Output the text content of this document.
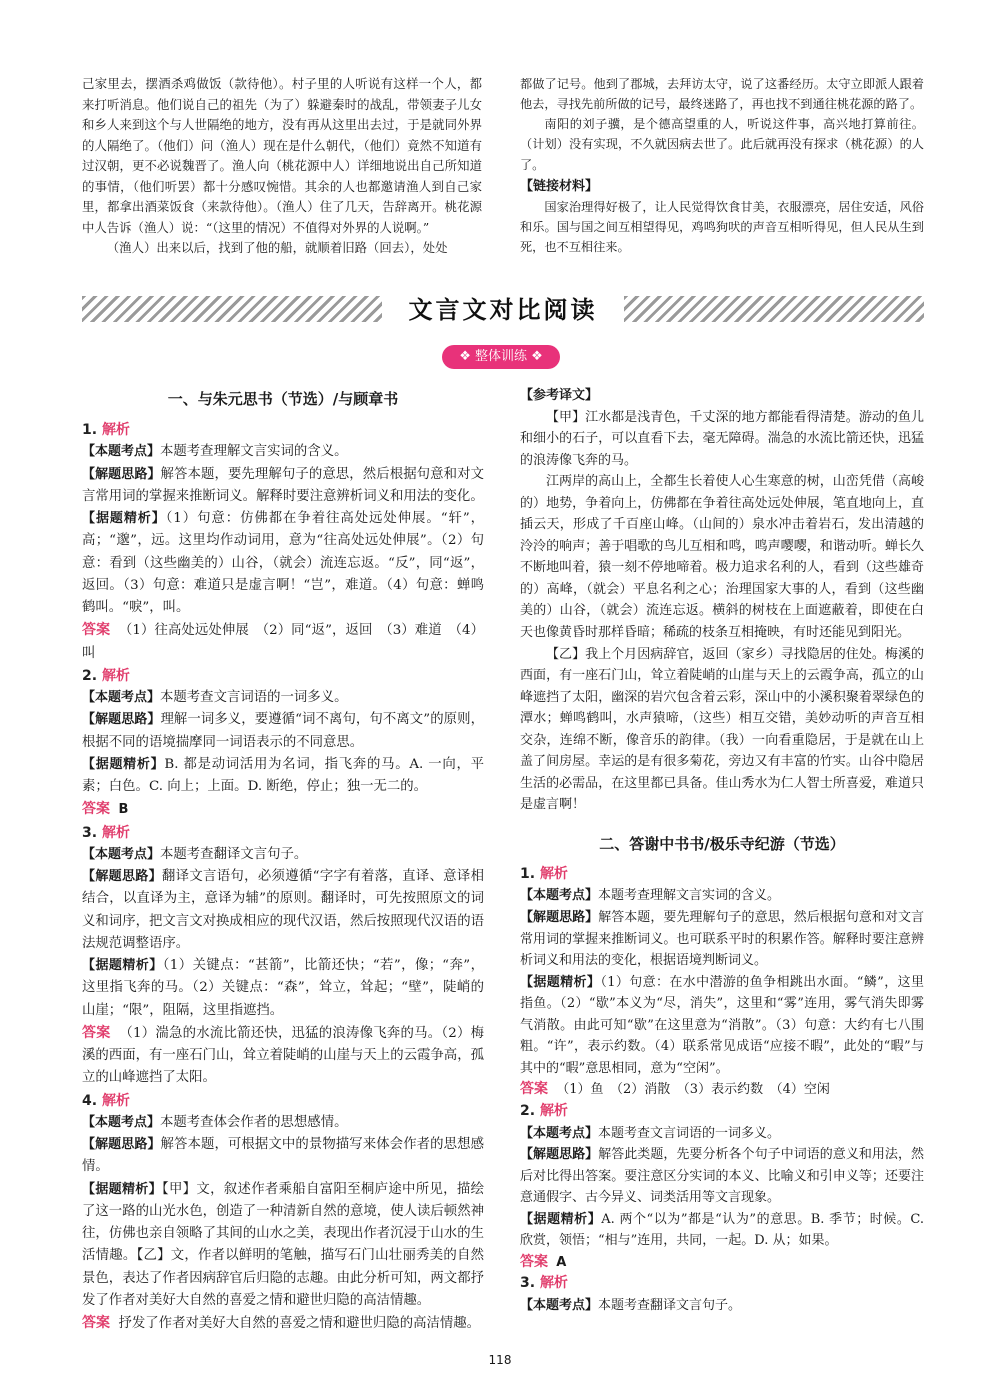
己家里去，摆酒杀鸡做饭（款待他）。村子里的人听说有这样一个人，都来打听消息。他们说自己的祖先（为了）躲避秦时的战乱，带领妻子儿女和乡人来到这个与人世隔绝的地方，没有再从这里出去过，于是就同外界的人隔绝了。（他们）问（渔人）现在是什么朝代，（他们）竟然不知道有过汉朝，更不必说魏晋了。渔人向（桃花源中人）详细地说出自己所知道的事情，（他们听罢）都十分感叹惋惜。其余的人也都邀请渔人到自己家里，都拿出酒菜饭食（来款待他）。（渔人）住了几天，告辞离开。桃花源中人告诉（渔人）说：“（这里的情况）不值得对外界的人说啊。”

（渔人）出来以后，找到了他的船，就顺着旧路（回去），处处

都做了记号。他到了郡城，去拜访太守，说了这番经历。太守立即派人跟着他去，寻找先前所做的记号，最终迷路了，再也找不到通往桃花源的路了。

南阳的刘子骥，是个德高望重的人，听说这件事，高兴地打算前往。（计划）没有实现，不久就因病去世了。此后就再没有探求（桃花源）的人了。

【链接材料】

国家治理得好极了，让人民觉得饮食甘美，衣服漂亮，居住安适，风俗和乐。国与国之间互相望得见，鸡鸣狗吠的声音互相听得见，但人民从生到死，也不互相往来。

文言文对比阅读
❖ 整体训练 ❖
一、与朱元思书（节选）/与顾章书

1. 解析

【本题考点】本题考查理解文言实词的含义。

【解题思路】解答本题，要先理解句子的意思，然后根据句意和对文言常用词的掌握来推断词义。解释时要注意辨析词义和用法的变化。

【据题精析】（1）句意：仿佛都在争着往高处远处伸展。“轩”，高；“邈”，远。这里均作动词用，意为“往高处远处伸展”。（2）句意：看到（这些幽美的）山谷，（就会）流连忘返。“反”，同“返”，返回。（3）句意：难道只是虚言啊！“岂”，难道。（4）句意：蝉鸣鹤叫。“唳”，叫。

答案 （1）往高处远处伸展　（2）同“返”，返回　（3）难道　（4）叫

2. 解析

【本题考点】本题考查文言词语的一词多义。

【解题思路】理解一词多义，要遵循“词不离句，句不离文”的原则，根据不同的语境揣摩同一词语表示的不同意思。

【据题精析】B. 都是动词活用为名词，指飞奔的马。A. 一向，平素；白色。C. 向上；上面。D. 断绝，停止；独一无二的。

答案 B

3. 解析

【本题考点】本题考查翻译文言句子。

【解题思路】翻译文言语句，必须遵循“字字有着落，直译、意译相结合，以直译为主，意译为辅”的原则。翻译时，可先按照原文的词义和词序，把文言文对换成相应的现代汉语，然后按照现代汉语的语法规范调整语序。

【据题精析】（1）关键点：“甚箭”，比箭还快；“若”，像；“奔”，这里指飞奔的马。（2）关键点：“森”，耸立，耸起；“壁”，陡峭的山崖；“限”，阻隔，这里指遮挡。

答案 （1）湍急的水流比箭还快，迅猛的浪涛像飞奔的马。（2）梅溪的西面，有一座石门山，耸立着陡峭的山崖与天上的云霞争高，孤立的山峰遮挡了太阳。

4. 解析

【本题考点】本题考查体会作者的思想感情。

【解题思路】解答本题，可根据文中的景物描写来体会作者的思想感情。

【据题精析】【甲】文，叙述作者乘船自富阳至桐庐途中所见，描绘了这一路的山光水色，创造了一种清新自然的意境，使人读后顿然神往，仿佛也亲自领略了其间的山水之美，表现出作者沉浸于山水的生活情趣。【乙】文，作者以鲜明的笔触，描写石门山壮丽秀美的自然景色，表达了作者因病辞官后归隐的志趣。由此分析可知，两文都抒发了作者对美好大自然的喜爱之情和避世归隐的高洁情趣。

答案 抒发了作者对美好大自然的喜爱之情和避世归隐的高洁情趣。

【参考译文】

【甲】江水都是浅青色，千丈深的地方都能看得清楚。游动的鱼儿和细小的石子，可以直看下去，毫无障碍。湍急的水流比箭还快，迅猛的浪涛像飞奔的马。

江两岸的高山上，全都生长着使人心生寒意的树，山峦凭借（高峻的）地势，争着向上，仿佛都在争着往高处远处伸展，笔直地向上，直插云天，形成了千百座山峰。（山间的）泉水冲击着岩石，发出清越的泠泠的响声；善于唱歌的鸟儿互相和鸣，鸣声嘤嘤，和谐动听。蝉长久不断地叫着，猿一刻不停地啼着。极力追求名利的人，看到（这些雄奇的）高峰，（就会）平息名利之心；治理国家大事的人，看到（这些幽美的）山谷，（就会）流连忘返。横斜的树枝在上面遮蔽着，即使在白天也像黄昏时那样昏暗；稀疏的枝条互相掩映，有时还能见到阳光。

【乙】我上个月因病辞官，返回（家乡）寻找隐居的住处。梅溪的西面，有一座石门山，耸立着陡峭的山崖与天上的云霞争高，孤立的山峰遮挡了太阳，幽深的岩穴包含着云彩，深山中的小溪积聚着翠绿色的潭水；蝉鸣鹤叫，水声猿啼，（这些）相互交错，美妙动听的声音互相交杂，连绵不断，像音乐的韵律。（我）一向看重隐居，于是就在山上盖了间房屋。幸运的是有很多菊花，旁边又有丰富的竹实。山谷中隐居生活的必需品，在这里都已具备。佳山秀水为仁人智士所喜爱，难道只是虚言啊！

二、答谢中书书/极乐寺纪游（节选）

1. 解析

【本题考点】本题考查理解文言实词的含义。

【解题思路】解答本题，要先理解句子的意思，然后根据句意和对文言常用词的掌握来推断词义。也可联系平时的积累作答。解释时要注意辨析词义和用法的变化，根据语境判断词义。

【据题精析】（1）句意：在水中潜游的鱼争相跳出水面。“鳞”，这里指鱼。（2）“歇”本义为“尽，消失”，这里和“雾”连用，雾气消失即雾气消散。由此可知“歇”在这里意为“消散”。（3）句意：大约有七八围粗。“许”，表示约数。（4）联系常见成语“应接不暇”，此处的“暇”与其中的“暇”意思相同，意为“空闲”。

答案 （1）鱼　（2）消散　（3）表示约数　（4）空闲

2. 解析

【本题考点】本题考查文言词语的一词多义。

【解题思路】解答此类题，先要分析各个句子中词语的意义和用法，然后对比得出答案。要注意区分实词的本义、比喻义和引申义等；还要注意通假字、古今异义、词类活用等文言现象。

【据题精析】A. 两个“以为”都是“认为”的意思。B. 季节；时候。C. 欣赏，领悟；“相与”连用，共同，一起。D. 从；如果。

答案 A

3. 解析

【本题考点】本题考查翻译文言句子。

118
